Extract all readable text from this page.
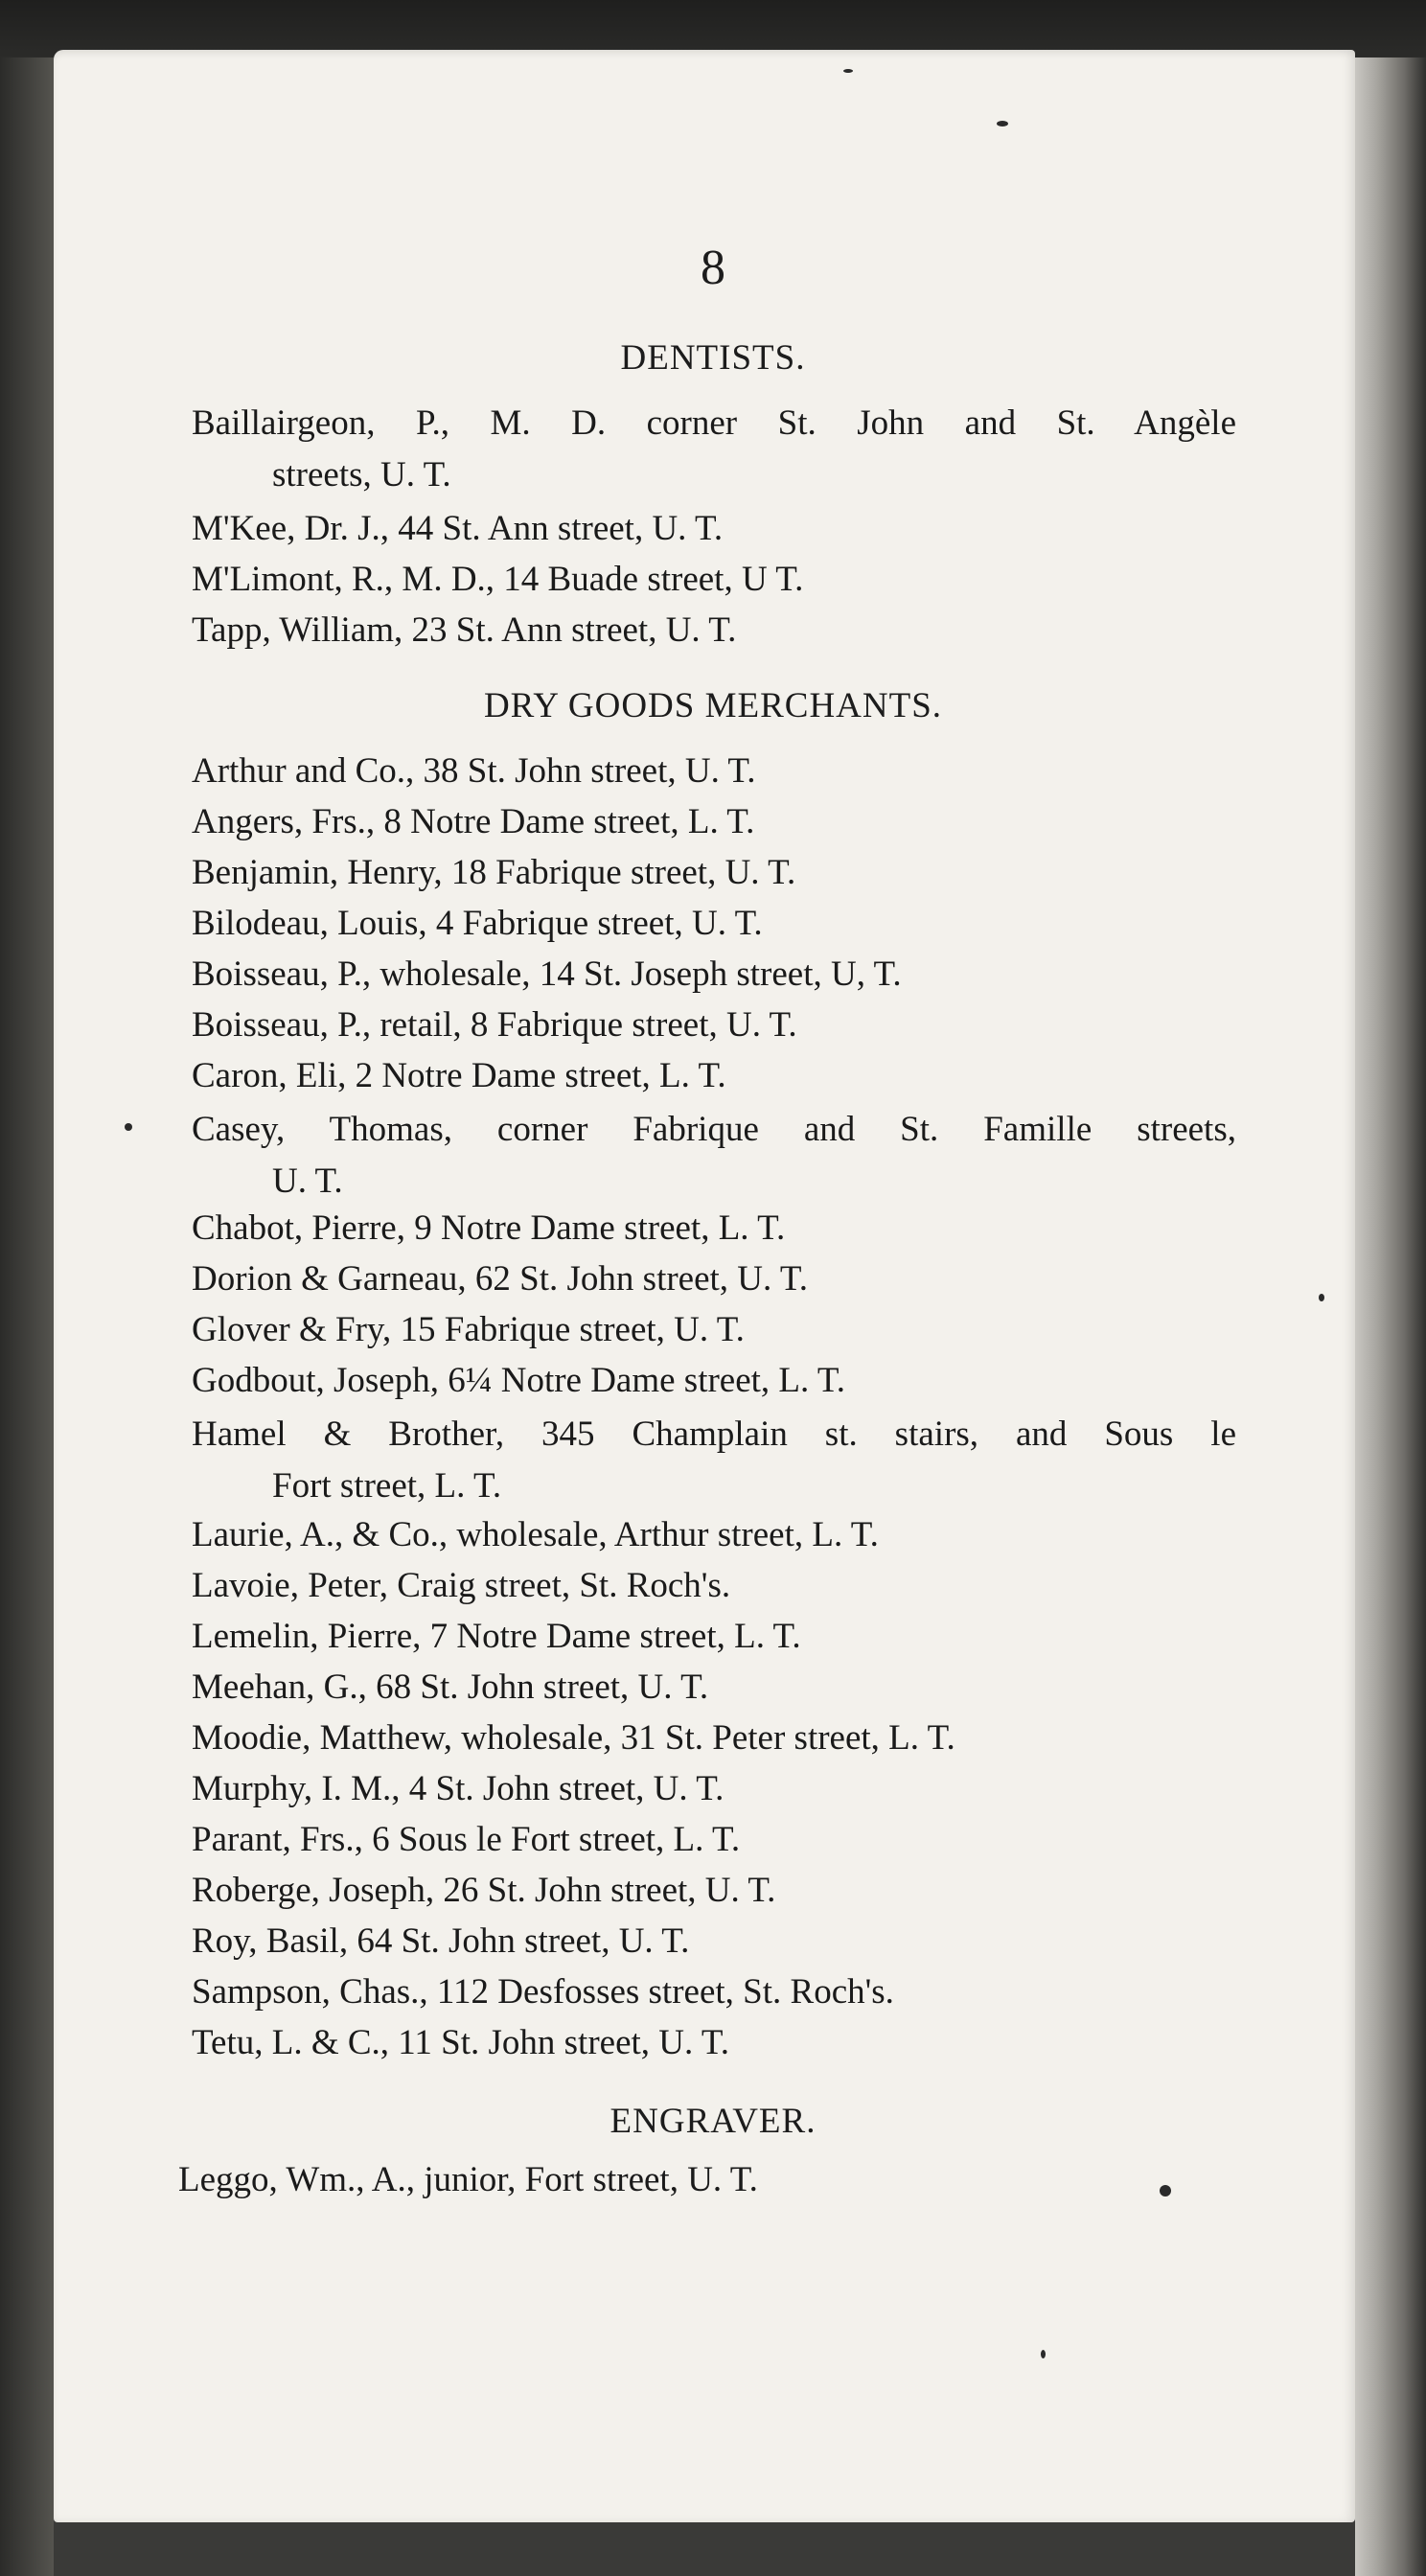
8
DENTISTS.
Baillairgeon, P., M. D. corner St. John and St. Angèle
streets, U. T.
M'Kee, Dr. J., 44 St. Ann street, U. T.
M'Limont, R., M. D., 14 Buade street, U T.
Tapp, William, 23 St. Ann street, U. T.
DRY GOODS MERCHANTS.
Arthur and Co., 38 St. John street, U. T.
Angers, Frs., 8 Notre Dame street, L. T.
Benjamin, Henry, 18 Fabrique street, U. T.
Bilodeau, Louis, 4 Fabrique street, U. T.
Boisseau, P., wholesale, 14 St. Joseph street, U, T.
Boisseau, P., retail, 8 Fabrique street, U. T.
Caron, Eli, 2 Notre Dame street, L. T.
Casey, Thomas, corner Fabrique and St. Famille streets,
U. T.
Chabot, Pierre, 9 Notre Dame street, L. T.
Dorion & Garneau, 62 St. John street, U. T.
Glover & Fry, 15 Fabrique street, U. T.
Godbout, Joseph, 6¼ Notre Dame street, L. T.
Hamel & Brother, 345 Champlain st. stairs, and Sous le
Fort street, L. T.
Laurie, A., & Co., wholesale, Arthur street, L. T.
Lavoie, Peter, Craig street, St. Roch's.
Lemelin, Pierre, 7 Notre Dame street, L. T.
Meehan, G., 68 St. John street, U. T.
Moodie, Matthew, wholesale, 31 St. Peter street, L. T.
Murphy, I. M., 4 St. John street, U. T.
Parant, Frs., 6 Sous le Fort street, L. T.
Roberge, Joseph, 26 St. John street, U. T.
Roy, Basil, 64 St. John street, U. T.
Sampson, Chas., 112 Desfosses street, St. Roch's.
Tetu, L. & C., 11 St. John street, U. T.
ENGRAVER.
Leggo, Wm., A., junior, Fort street, U. T.
